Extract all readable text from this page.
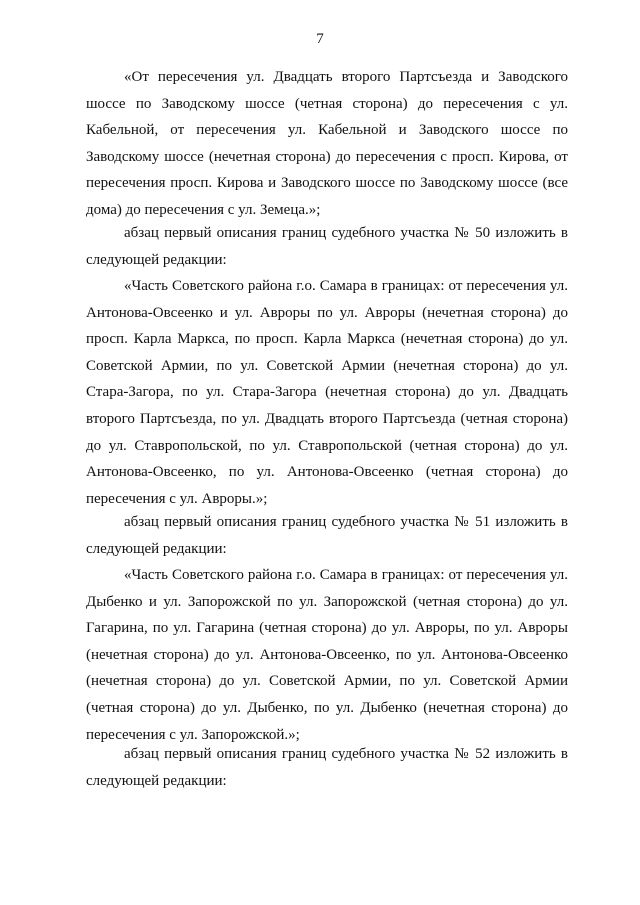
7

«От пересечения ул. Двадцать второго Партсъезда и Заводского шоссе по Заводскому шоссе (четная сторона) до пересечения с ул. Кабельной, от пересечения ул. Кабельной и Заводского шоссе по Заводскому шоссе (нечетная сторона) до пересечения с просп. Кирова, от пересечения просп. Кирова и Заводского шоссе по Заводскому шоссе (все дома) до пересечения с ул. Земеца.»;

абзац первый описания границ судебного участка № 50 изложить в следующей редакции:

«Часть Советского района г.о. Самара в границах: от пересечения ул. Антонова-Овсеенко и ул. Авроры по ул. Авроры (нечетная сторона) до просп. Карла Маркса, по просп. Карла Маркса (нечетная сторона) до ул. Советской Армии, по ул. Советской Армии (нечетная сторона) до ул. Стара-Загора, по ул. Стара-Загора (нечетная сторона) до ул. Двадцать второго Партсъезда, по ул. Двадцать второго Партсъезда (четная сторона) до ул. Ставропольской, по ул. Ставропольской (четная сторона) до ул. Антонова-Овсеенко, по ул. Антонова-Овсеенко (четная сторона) до пересечения с ул. Авроры.»;

абзац первый описания границ судебного участка № 51 изложить в следующей редакции:

«Часть Советского района г.о. Самара в границах: от пересечения ул. Дыбенко и ул. Запорожской по ул. Запорожской (четная сторона) до ул. Гагарина, по ул. Гагарина (четная сторона) до ул. Авроры, по ул. Авроры (нечетная сторона) до ул. Антонова-Овсеенко, по ул. Антонова-Овсеенко (нечетная сторона) до ул. Советской Армии, по ул. Советской Армии (четная сторона) до ул. Дыбенко, по ул. Дыбенко (нечетная сторона) до пересечения с ул. Запорожской.»;

абзац первый описания границ судебного участка № 52 изложить в следующей редакции:
